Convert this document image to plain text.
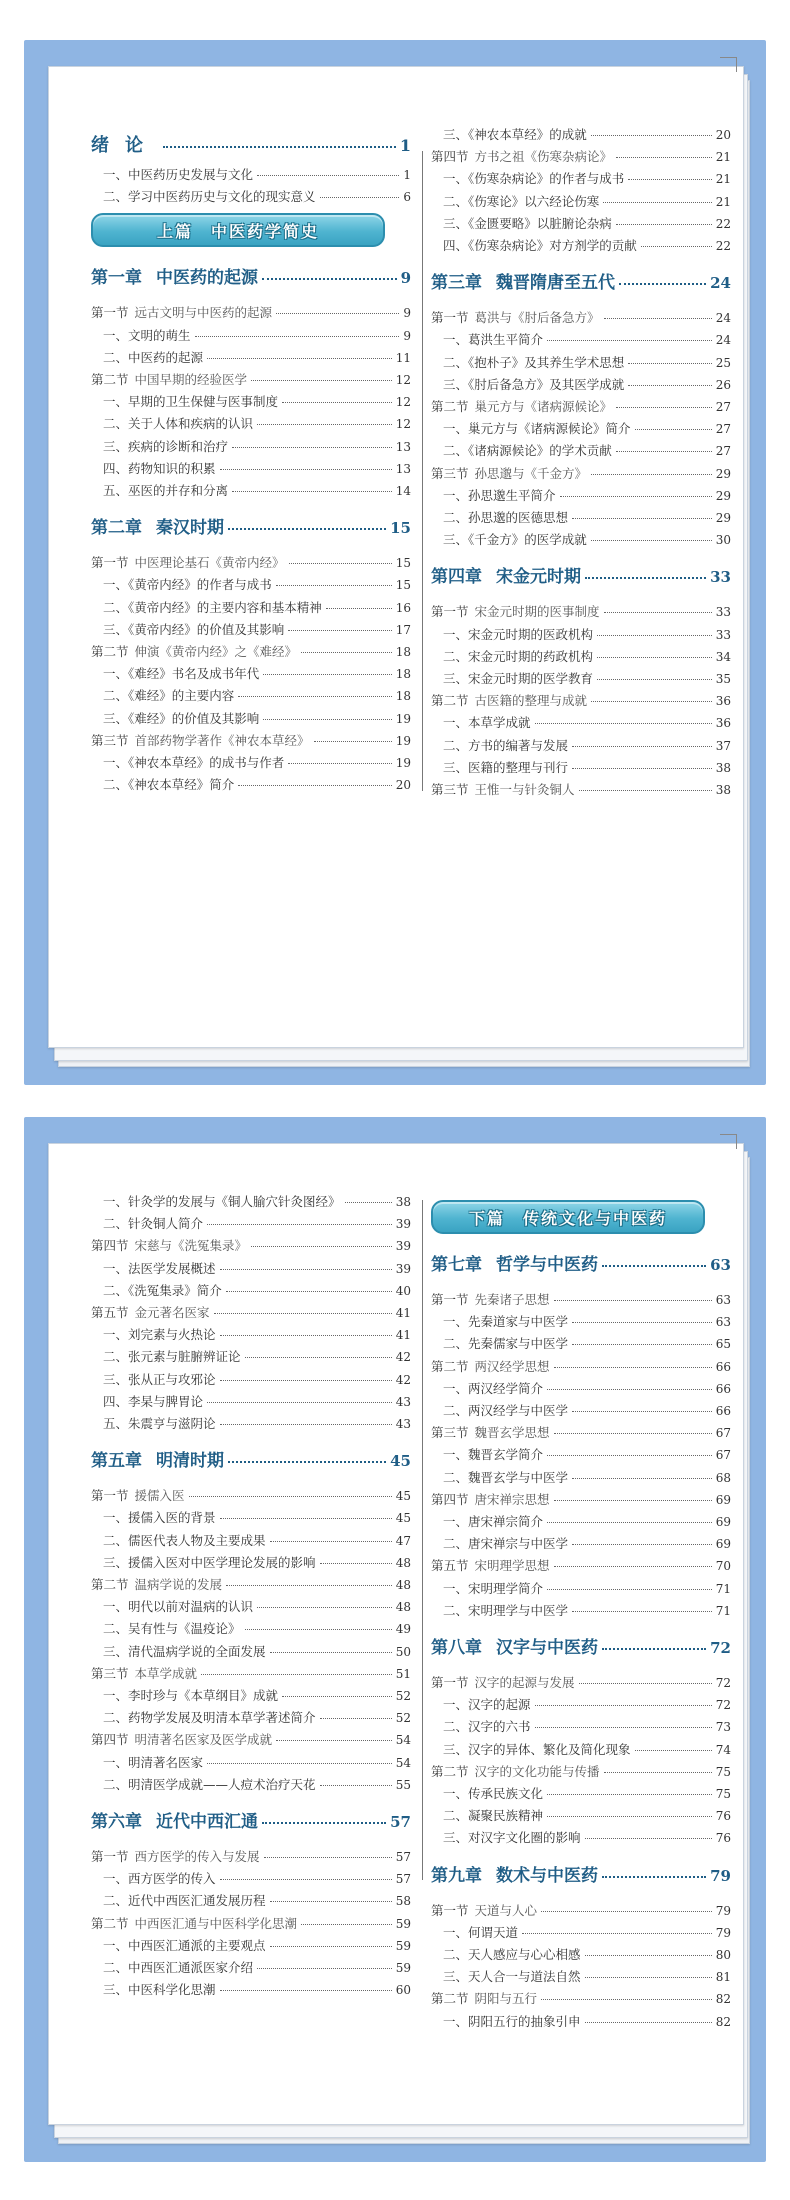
绪论	1
一、中医药历史发展与文化	1
二、学习中医药历史与文化的现实意义	6
上篇　中医药学简史
第一章 中医药的起源	9
第一节 远古文明与中医药的起源	9
一、文明的萌生	9
二、中医药的起源	11
第二节 中国早期的经验医学	12
一、早期的卫生保健与医事制度	12
二、关于人体和疾病的认识	12
三、疾病的诊断和治疗	13
四、药物知识的积累	13
五、巫医的并存和分离	14
第二章 秦汉时期	15
第一节 中医理论基石《黄帝内经》	15
一、《黄帝内经》的作者与成书	15
二、《黄帝内经》的主要内容和基本精神	16
三、《黄帝内经》的价值及其影响	17
第二节 伸演《黄帝内经》之《难经》	18
一、《难经》书名及成书年代	18
二、《难经》的主要内容	18
三、《难经》的价值及其影响	19
第三节 首部药物学著作《神农本草经》	19
一、《神农本草经》的成书与作者	19
二、《神农本草经》简介	20
三、《神农本草经》的成就	20
第四节 方书之祖《伤寒杂病论》	21
一、《伤寒杂病论》的作者与成书	21
二、《伤寒论》以六经论伤寒	21
三、《金匮要略》以脏腑论杂病	22
四、《伤寒杂病论》对方剂学的贡献	22
第三章 魏晋隋唐至五代	24
第一节 葛洪与《肘后备急方》	24
一、葛洪生平简介	24
二、《抱朴子》及其养生学术思想	25
三、《肘后备急方》及其医学成就	26
第二节 巢元方与《诸病源候论》	27
一、巢元方与《诸病源候论》简介	27
二、《诸病源候论》的学术贡献	27
第三节 孙思邈与《千金方》	29
一、孙思邈生平简介	29
二、孙思邈的医德思想	29
三、《千金方》的医学成就	30
第四章 宋金元时期	33
第一节 宋金元时期的医事制度	33
一、宋金元时期的医政机构	33
二、宋金元时期的药政机构	34
三、宋金元时期的医学教育	35
第二节 古医籍的整理与成就	36
一、本草学成就	36
二、方书的编著与发展	37
三、医籍的整理与刊行	38
第三节 王惟一与针灸铜人	38
一、针灸学的发展与《铜人腧穴针灸图经》	38
二、针灸铜人简介	39
第四节 宋慈与《洗冤集录》	39
一、法医学发展概述	39
二、《洗冤集录》简介	40
第五节 金元著名医家	41
一、刘完素与火热论	41
二、张元素与脏腑辨证论	42
三、张从正与攻邪论	42
四、李杲与脾胃论	43
五、朱震亨与滋阴论	43
第五章 明清时期	45
第一节 援儒入医	45
一、援儒入医的背景	45
二、儒医代表人物及主要成果	47
三、援儒入医对中医学理论发展的影响	48
第二节 温病学说的发展	48
一、明代以前对温病的认识	48
二、吴有性与《温疫论》	49
三、清代温病学说的全面发展	50
第三节 本草学成就	51
一、李时珍与《本草纲目》成就	52
二、药物学发展及明清本草学著述简介	52
第四节 明清著名医家及医学成就	54
一、明清著名医家	54
二、明清医学成就——人痘术治疗天花	55
第六章 近代中西汇通	57
第一节 西方医学的传入与发展	57
一、西方医学的传入	57
二、近代中西医汇通发展历程	58
第二节 中西医汇通与中医科学化思潮	59
一、中西医汇通派的主要观点	59
二、中西医汇通派医家介绍	59
三、中医科学化思潮	60
下篇　传统文化与中医药
第七章 哲学与中医药	63
第一节 先秦诸子思想	63
一、先秦道家与中医学	63
二、先秦儒家与中医学	65
第二节 两汉经学思想	66
一、两汉经学简介	66
二、两汉经学与中医学	66
第三节 魏晋玄学思想	67
一、魏晋玄学简介	67
二、魏晋玄学与中医学	68
第四节 唐宋禅宗思想	69
一、唐宋禅宗简介	69
二、唐宋禅宗与中医学	69
第五节 宋明理学思想	70
一、宋明理学简介	71
二、宋明理学与中医学	71
第八章 汉字与中医药	72
第一节 汉字的起源与发展	72
一、汉字的起源	72
二、汉字的六书	73
三、汉字的异体、繁化及简化现象	74
第二节 汉字的文化功能与传播	75
一、传承民族文化	75
二、凝聚民族精神	76
三、对汉字文化圈的影响	76
第九章 数术与中医药	79
第一节 天道与人心	79
一、何谓天道	79
二、天人感应与心心相感	80
三、天人合一与道法自然	81
第二节 阴阳与五行	82
一、阴阳五行的抽象引申	82
